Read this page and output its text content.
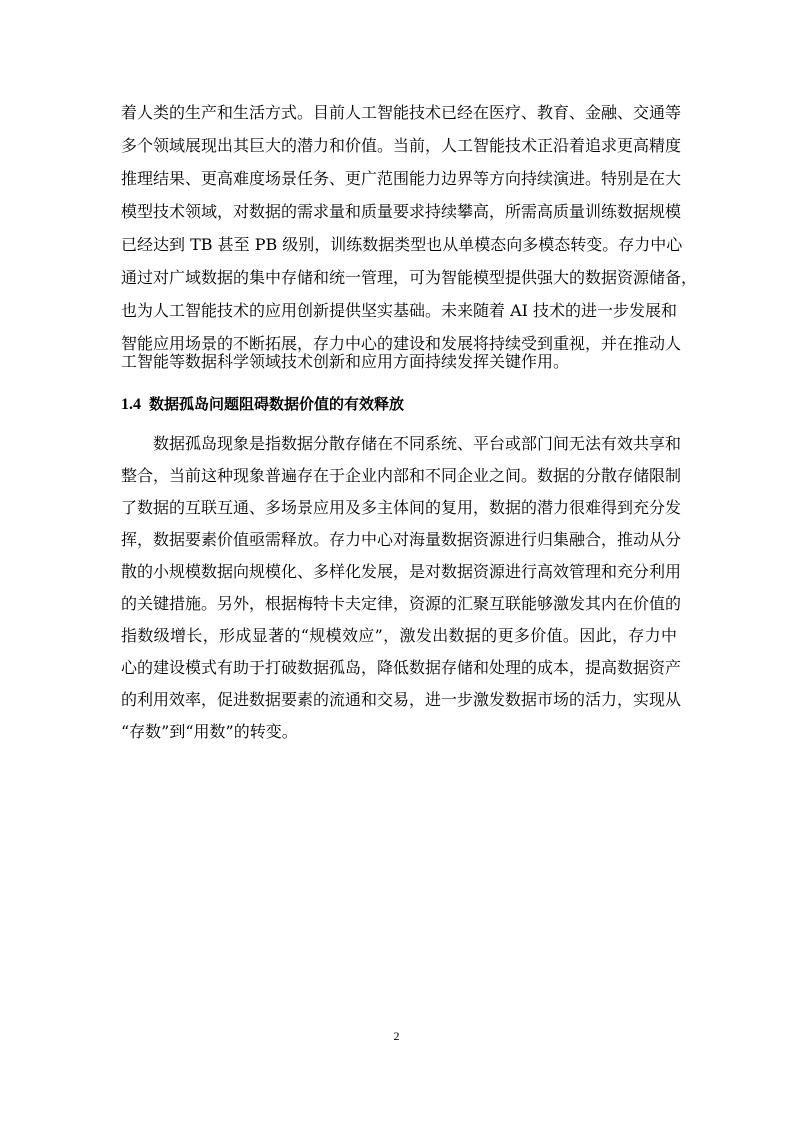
着人类的生产和生活方式。目前人工智能技术已经在医疗、教育、金融、交通等
多个领域展现出其巨大的潜力和价值。当前，人工智能技术正沿着追求更高精度
推理结果、更高难度场景任务、更广范围能力边界等方向持续演进。特别是在大
模型技术领域，对数据的需求量和质量要求持续攀高，所需高质量训练数据规模
已经达到 TB 甚至 PB 级别，训练数据类型也从单模态向多模态转变。存力中心
通过对广域数据的集中存储和统一管理，可为智能模型提供强大的数据资源储备，
也为人工智能技术的应用创新提供坚实基础。未来随着 AI 技术的进一步发展和
智能应用场景的不断拓展，存力中心的建设和发展将持续受到重视，并在推动人
工智能等数据科学领域技术创新和应用方面持续发挥关键作用。
1.4 数据孤岛问题阻碍数据价值的有效释放
数据孤岛现象是指数据分散存储在不同系统、平台或部门间无法有效共享和
整合，当前这种现象普遍存在于企业内部和不同企业之间。数据的分散存储限制
了数据的互联互通、多场景应用及多主体间的复用，数据的潜力很难得到充分发
挥，数据要素价值亟需释放。存力中心对海量数据资源进行归集融合，推动从分
散的小规模数据向规模化、多样化发展，是对数据资源进行高效管理和充分利用
的关键措施。另外，根据梅特卡夫定律，资源的汇聚互联能够激发其内在价值的
指数级增长，形成显著的“规模效应”，激发出数据的更多价值。因此，存力中
心的建设模式有助于打破数据孤岛，降低数据存储和处理的成本，提高数据资产
的利用效率，促进数据要素的流通和交易，进一步激发数据市场的活力，实现从
“存数”到“用数”的转变。
2
